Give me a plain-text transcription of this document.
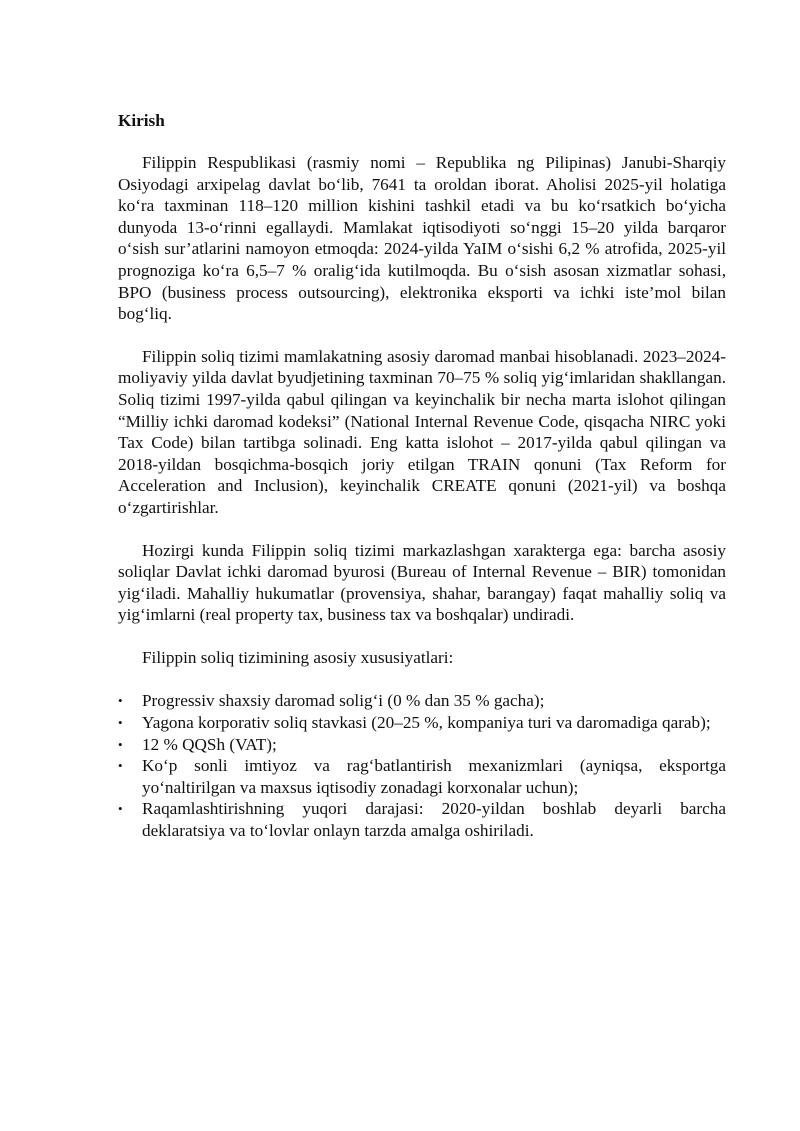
Kirish

Filippin Respublikasi (rasmiy nomi – Republika ng Pilipinas) Janubi-Sharqiy Osiyodagi arxipelag davlat bo‘lib, 7641 ta oroldan iborat. Aholisi 2025-yil holatiga ko‘ra taxminan 118–120 million kishini tashkil etadi va bu ko‘rsatkich bo‘yicha dunyoda 13-o‘rinni egallaydi. Mamlakat iqtisodiyoti so‘nggi 15–20 yilda barqaror o‘sish sur’atlarini namoyon etmoqda: 2024-yilda YaIM o‘sishi 6,2 % atrofida, 2025-yil prognoziga ko‘ra 6,5–7 % oralig‘ida kutilmoqda. Bu o‘sish asosan xizmatlar sohasi, BPO (business process outsourcing), elektronika eksporti va ichki iste’mol bilan bog‘liq.

Filippin soliq tizimi mamlakatning asosiy daromad manbai hisoblanadi. 2023–2024-moliyaviy yilda davlat byudjetining taxminan 70–75 % soliq yig‘imlaridan shakllangan. Soliq tizimi 1997-yilda qabul qilingan va keyinchalik bir necha marta islohot qilingan “Milliy ichki daromad kodeksi” (National Internal Revenue Code, qisqacha NIRC yoki Tax Code) bilan tartibga solinadi. Eng katta islohot – 2017-yilda qabul qilingan va 2018-yildan bosqichma-bosqich joriy etilgan TRAIN qonuni (Tax Reform for Acceleration and Inclusion), keyinchalik CREATE qonuni (2021-yil) va boshqa o‘zgartirishlar.

Hozirgi kunda Filippin soliq tizimi markazlashgan xarakterga ega: barcha asosiy soliqlar Davlat ichki daromad byurosi (Bureau of Internal Revenue – BIR) tomonidan yig‘iladi. Mahalliy hukumatlar (provensiya, shahar, barangay) faqat mahalliy soliq va yig‘imlarni (real property tax, business tax va boshqalar) undiradi.

Filippin soliq tizimining asosiy xususiyatlari:

•	Progressiv shaxsiy daromad solig‘i (0 % dan 35 % gacha);
•	Yagona korporativ soliq stavkasi (20–25 %, kompaniya turi va daromadiga qarab);
•	12 % QQSh (VAT);
•	Ko‘p sonli imtiyoz va rag‘batlantirish mexanizmlari (ayniqsa, eksportga yo‘naltirilgan va maxsus iqtisodiy zonadagi korxonalar uchun);
•	Raqamlashtirishning yuqori darajasi: 2020-yildan boshlab deyarli barcha deklaratsiya va to‘lovlar onlayn tarzda amalga oshiriladi.
